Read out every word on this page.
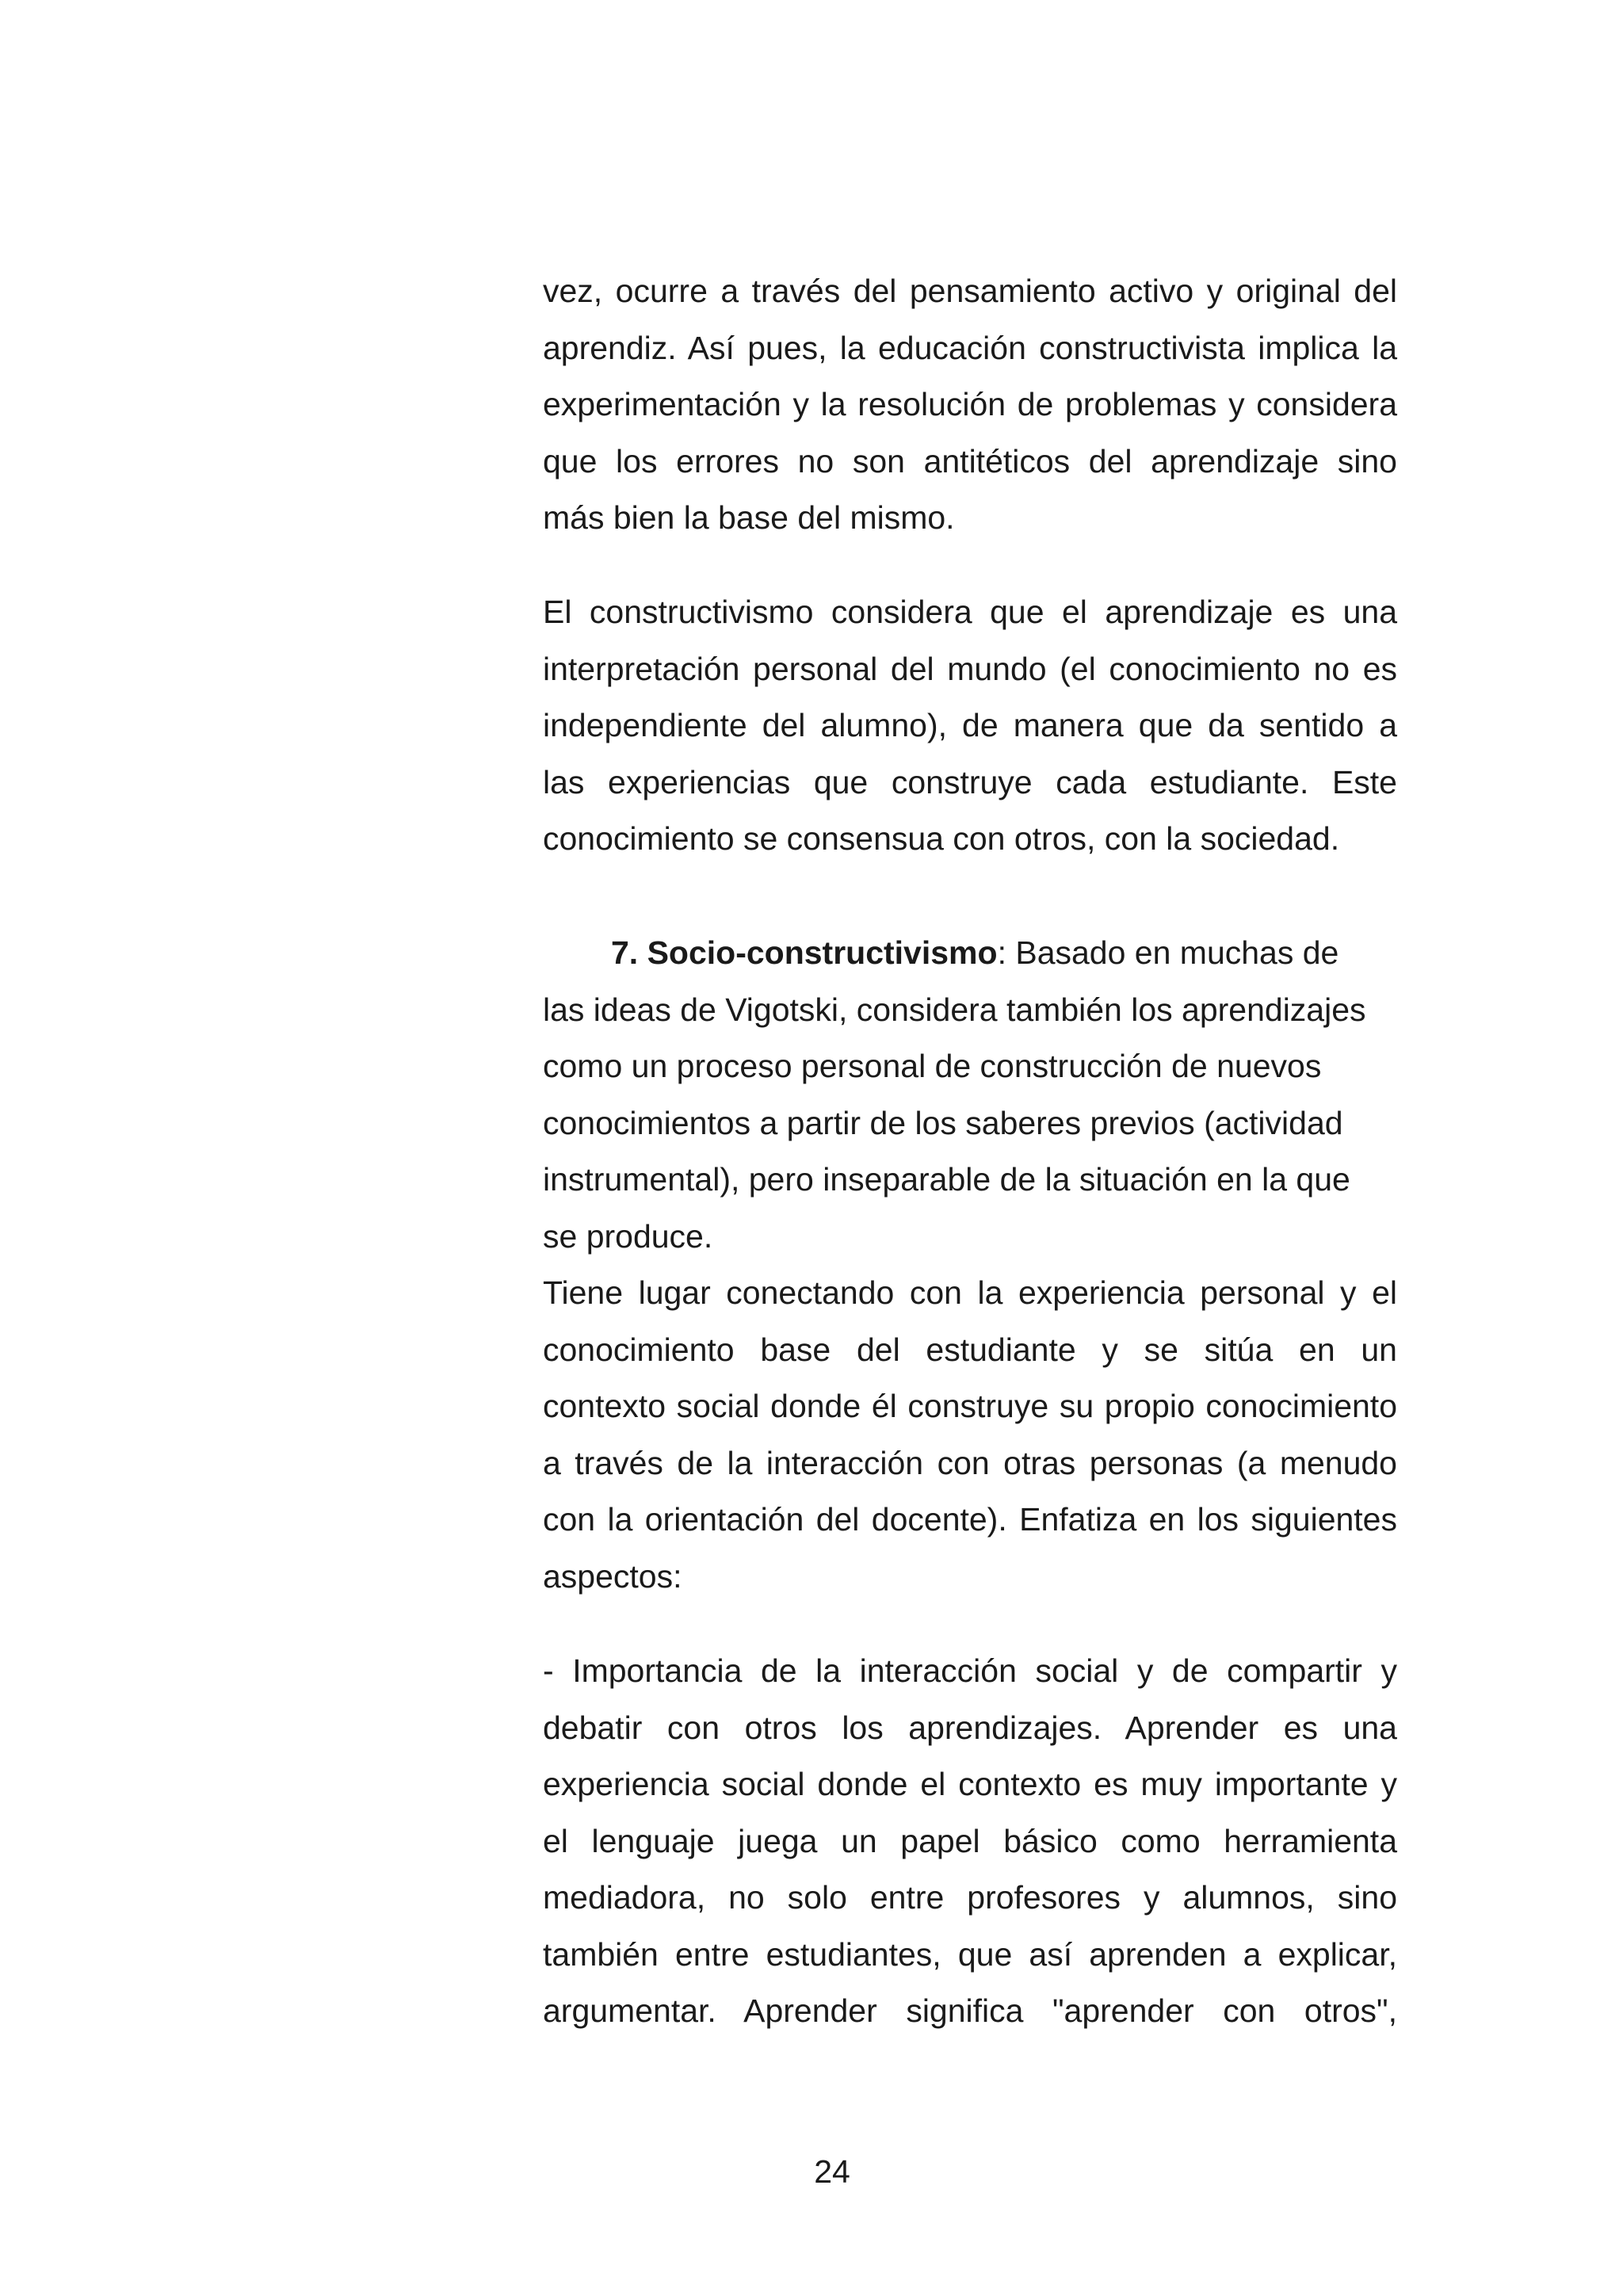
vez, ocurre a través del pensamiento activo y original del
aprendiz. Así pues, la educación constructivista implica la
experimentación y la resolución de problemas y considera
que los errores no son antitéticos del aprendizaje sino
más bien la base del mismo.
El constructivismo considera que el aprendizaje es una
interpretación personal del mundo (el conocimiento no es
independiente del alumno), de manera que da sentido a
las experiencias que construye cada estudiante. Este
conocimiento se consensua con otros, con la sociedad.
7. Socio-constructivismo: Basado en muchas de
las ideas de Vigotski, considera también los aprendizajes
como un proceso personal de construcción de nuevos
conocimientos a partir de los saberes previos (actividad
instrumental), pero inseparable de la situación en la que
se produce.
Tiene lugar conectando con la experiencia personal y el
conocimiento base del estudiante y se sitúa en un
contexto social donde él construye su propio conocimiento
a través de la interacción con otras personas (a menudo
con la orientación del docente). Enfatiza en los siguientes
aspectos:
- Importancia de la interacción social y de compartir y
debatir con otros los aprendizajes. Aprender es una
experiencia social donde el contexto es muy importante y
el lenguaje juega un papel básico como herramienta
mediadora, no solo entre profesores y alumnos, sino
también entre estudiantes, que así aprenden a explicar,
argumentar. Aprender significa "aprender con otros",
24
